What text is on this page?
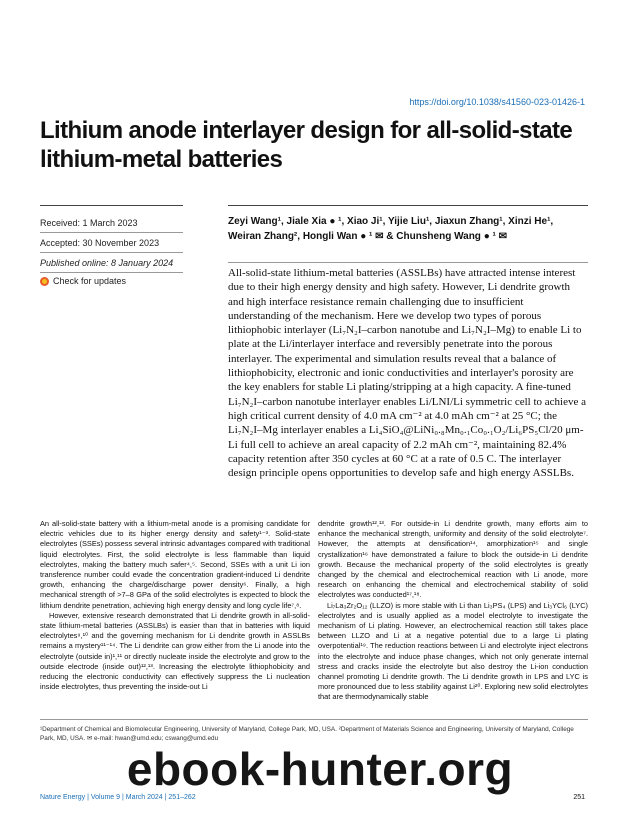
https://doi.org/10.1038/s41560-023-01426-1
Lithium anode interlayer design for all-solid-state lithium-metal batteries
Received: 1 March 2023
Accepted: 30 November 2023
Published online: 8 January 2024
Check for updates
Zeyi Wang¹, Jiale Xia ● ¹, Xiao Ji¹, Yijie Liu¹, Jiaxun Zhang¹, Xinzi He¹, Weiran Zhang², Hongli Wan ● ¹ ✉ & Chunsheng Wang ● ¹ ✉
All-solid-state lithium-metal batteries (ASSLBs) have attracted intense interest due to their high energy density and high safety. However, Li dendrite growth and high interface resistance remain challenging due to insufficient understanding of the mechanism. Here we develop two types of porous lithiophobic interlayer (Li₇N₂I–carbon nanotube and Li₇N₂I–Mg) to enable Li to plate at the Li/interlayer interface and reversibly penetrate into the porous interlayer. The experimental and simulation results reveal that a balance of lithiophobicity, electronic and ionic conductivities and interlayer's porosity are the key enablers for stable Li plating/stripping at a high capacity. A fine-tuned Li₇N₂I–carbon nanotube interlayer enables Li/LNI/Li symmetric cell to achieve a high critical current density of 4.0 mA cm⁻² at 4.0 mAh cm⁻² at 25 °C; the Li₇N₂I–Mg interlayer enables a Li₄SiO₄@LiNi₀.₈Mn₀.₁Co₀.₁O₂/Li₆PS₅Cl/20 μm-Li full cell to achieve an areal capacity of 2.2 mAh cm⁻², maintaining 82.4% capacity retention after 350 cycles at 60 °C at a rate of 0.5 C. The interlayer design principle opens opportunities to develop safe and high energy ASSLBs.

An all-solid-state battery with a lithium-metal anode is a promising candidate for electric vehicles due to its higher energy density and safety¹⁻³. Solid-state electrolytes (SSEs) possess several intrinsic advantages compared with traditional liquid electrolytes. First, the solid electrolyte is less flammable than liquid electrolytes, making the battery much safer⁴,⁵. Second, SSEs with a unit Li ion transference number could evade the concentration gradient-induced Li dendrite growth, enhancing the charge/discharge power density⁶. Finally, a high mechanical strength of >7–8 GPa of the solid electrolytes is expected to block the lithium dendrite penetration, achieving high energy density and long cycle life⁷,⁸.

However, extensive research demonstrated that Li dendrite growth in all-solid-state lithium-metal batteries (ASSLBs) is easier than that in batteries with liquid electrolytes⁹,¹⁰ and the governing mechanism for Li dendrite growth in ASSLBs remains a mystery¹¹⁻¹⁴. The Li dendrite can grow either from the Li anode into the electrolyte (outside in)¹,¹¹ or directly nucleate inside the electrolyte and grow to the outside electrode (inside out)¹²,¹³. Increasing the electrolyte lithiophobicity and reducing the electronic conductivity can effectively suppress the Li nucleation inside electrolytes, thus preventing the inside-out Li

dendrite growth¹²,¹³. For outside-in Li dendrite growth, many efforts aim to enhance the mechanical strength, uniformity and density of the solid electrolyte⁷. However, the attempts at densification¹⁴, amorphization¹⁵ and single crystallization¹⁶ have demonstrated a failure to block the outside-in Li dendrite growth. Because the mechanical property of the solid electrolytes is greatly changed by the chemical and electrochemical reaction with Li anode, more research on enhancing the chemical and electrochemical stability of solid electrolytes was conducted¹⁷,¹⁸.

Li₇La₃Zr₂O₁₂ (LLZO) is more stable with Li than Li₃PS₄ (LPS) and Li₃YCl₆ (LYC) electrolytes and is usually applied as a model electrolyte to investigate the mechanism of Li plating. However, an electrochemical reaction still takes place between LLZO and Li at a negative potential due to a large Li plating overpotential¹⁹. The reduction reactions between Li and electrolyte inject electrons into the electrolyte and induce phase changes, which not only generate internal stress and cracks inside the electrolyte but also destroy the Li-ion conduction channel promoting Li dendrite growth. The Li dendrite growth in LPS and LYC is more pronounced due to less stability against Li²⁰. Exploring new solid electrolytes that are thermodynamically stable

¹Department of Chemical and Biomolecular Engineering, University of Maryland, College Park, MD, USA. ²Department of Materials Science and Engineering, University of Maryland, College Park, MD, USA. ✉ e-mail: hwan@umd.edu; cswang@umd.edu
ebook-hunter.org
Nature Energy | Volume 9 | March 2024 | 251–262	251
